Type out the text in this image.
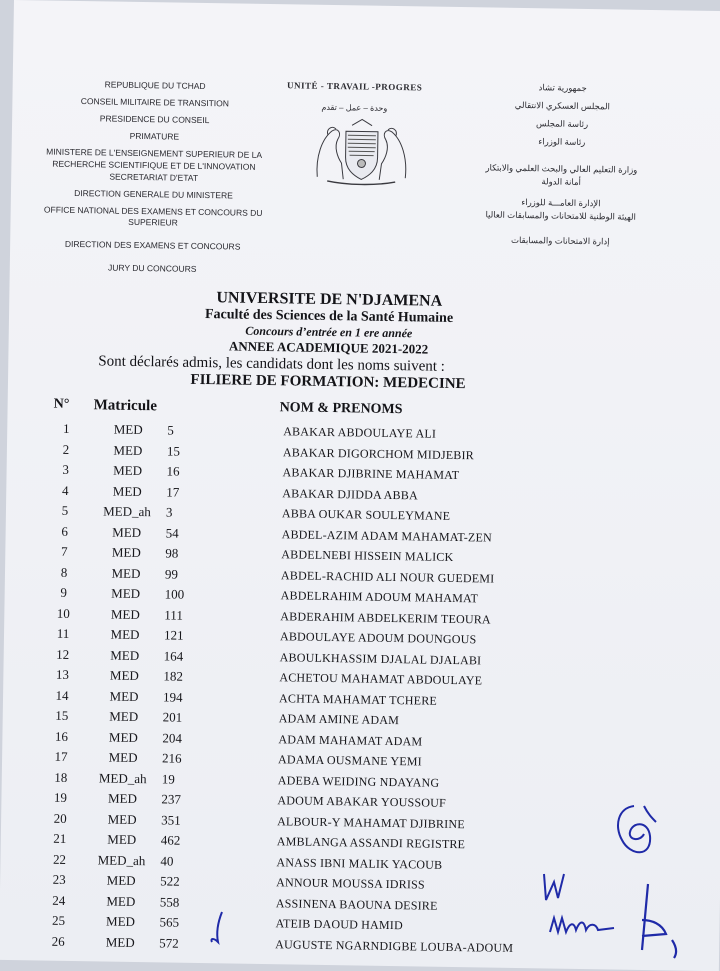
REPUBLIQUE DU TCHAD
CONSEIL MILITAIRE DE TRANSITION
PRESIDENCE DU CONSEIL
PRIMATURE
MINISTERE DE L'ENSEIGNEMENT SUPERIEUR DE LA
RECHERCHE SCIENTIFIQUE ET DE L'INNOVATION
SECRETARIAT D'ETAT
DIRECTION GENERALE DU MINISTERE
OFFICE NATIONAL DES EXAMENS ET CONCOURS DU SUPERIEUR
DIRECTION DES EXAMENS ET CONCOURS
JURY DU CONCOURS
UNITÉ - TRAVAIL -PROGRES
وحدة – عمل – تقدم
جمهورية تشاد
المجلس العسكري الانتقالي
رئاسة المجلس
رئاسة الوزراء
وزارة التعليم العالي والبحث العلمي والابتكار
أمانة الدولة
الإدارة العامـــة للوزراء
الهيئة الوطنية للامتحانات والمسابقات العاليا
إدارة الامتحانات والمسابقات
UNIVERSITE DE N'DJAMENA
Faculté des Sciences de la Santé Humaine
Concours d’entrée en 1 ere année
ANNEE ACADEMIQUE 2021-2022
Sont déclarés admis, les candidats dont les noms suivent :
FILIERE DE FORMATION: MEDECINE
N° Matricule	NOM & PRENOMS
1	MED	5	ABAKAR ABDOULAYE ALI
2	MED	15	ABAKAR DIGORCHOM MIDJEBIR
3	MED	16	ABAKAR DJIBRINE MAHAMAT
4	MED	17	ABAKAR DJIDDA ABBA
5	MED_ah	3	ABBA OUKAR SOULEYMANE
6	MED	54	ABDEL-AZIM ADAM MAHAMAT-ZEN
7	MED	98	ABDELNEBI HISSEIN MALICK
8	MED	99	ABDEL-RACHID ALI NOUR GUEDEMI
9	MED	100	ABDELRAHIM ADOUM MAHAMAT
10	MED	111	ABDERAHIM ABDELKERIM TEOURA
11	MED	121	ABDOULAYE ADOUM DOUNGOUS
12	MED	164	ABOULKHASSIM DJALAL DJALABI
13	MED	182	ACHETOU MAHAMAT ABDOULAYE
14	MED	194	ACHTA MAHAMAT TCHERE
15	MED	201	ADAM AMINE ADAM
16	MED	204	ADAM MAHAMAT ADAM
17	MED	216	ADAMA OUSMANE YEMI
18	MED_ah	19	ADEBA WEIDING NDAYANG
19	MED	237	ADOUM ABAKAR YOUSSOUF
20	MED	351	ALBOUR-Y MAHAMAT DJIBRINE
21	MED	462	AMBLANGA ASSANDI REGISTRE
22	MED_ah	40	ANASS IBNI MALIK YACOUB
23	MED	522	ANNOUR MOUSSA IDRISS
24	MED	558	ASSINENA BAOUNA DESIRE
25	MED	565	ATEIB DAOUD HAMID
26	MED	572	AUGUSTE NGARNDIGBE LOUBA-ADOUM
